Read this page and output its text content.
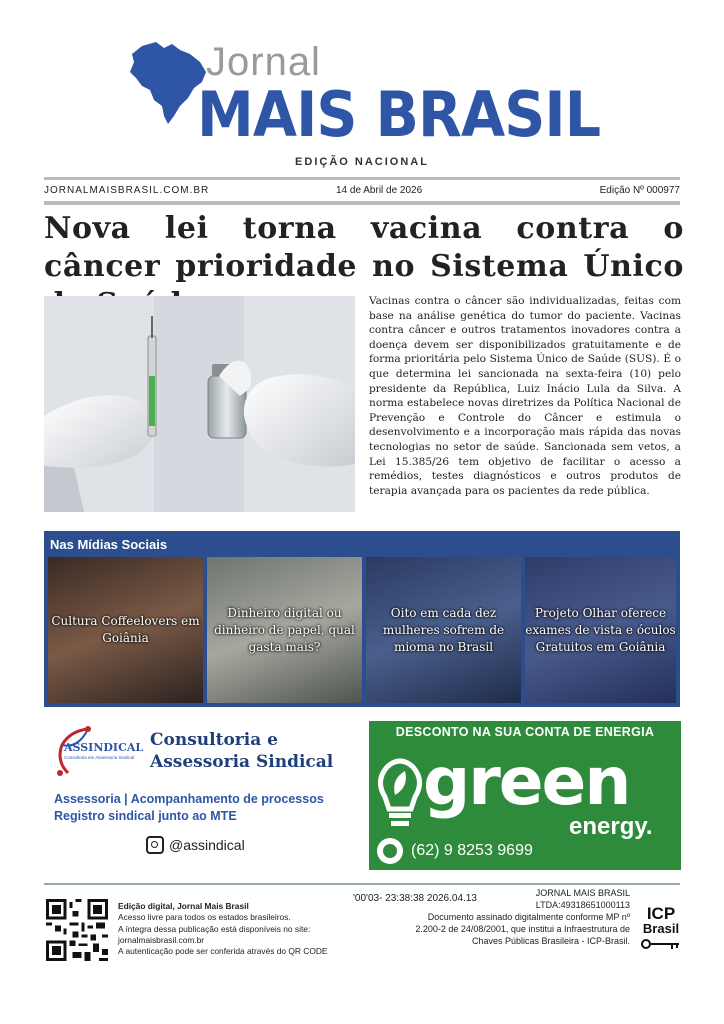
Jornal
MAIS BRASIL
EDIÇÃO NACIONAL
JORNALMAISBRASIL.COM.BR	14 de Abril de 2026	Edição Nº 000977
Nova lei torna vacina contra o câncer prioridade no Sistema Único
Vacinas contra o câncer são individualizadas, feitas com base na análise genética do tumor do paciente. Vacinas contra câncer e outros tratamentos inovadores contra a doença devem ser disponibilizados gratuitamente e de forma prioritária pelo Sistema Único de Saúde (SUS). É o que determina lei sancionada na sexta-feira (10) pelo presidente da República, Luiz Inácio Lula da Silva. A norma estabelece novas diretrizes da Política Nacional de Prevenção e Controle do Câncer e estimula o desenvolvimento e a incorporação mais rápida das novas tecnologias no setor de saúde. Sancionada sem vetos, a Lei 15.385/26 tem objetivo de facilitar o acesso a remédios, testes diagnósticos e outros produtos de terapia avançada para os pacientes da rede pública.
Nas Mídias Sociais
Cultura Coffeelovers em Goiânia
Dinheiro digital ou dinheiro de papel, qual gasta mais?
Oito em cada dez mulheres sofrem de mioma no Brasil
Projeto Olhar oferece exames de vista e óculos Gratuitos em Goiânia
ASSINDICAL
Consultoria em Assessoria Sindical
Consultoria e
Assessoria Sindical
Assessoria | Acompanhamento de processos
Registro sindical junto ao MTE
@assindical
DESCONTO NA SUA CONTA DE ENERGIA
green
energy.
(62) 9 8253 9699
Edição digital, Jornal Mais Brasil
Acesso livre para todos os estados brasileiros.
A íntegra dessa publicação está disponíveis no site:
jornalmaisbrasil.com.br
A autenticação pode ser conferida através do QR CODE
'00'03- 23:38:38 2026.04.13	JORNAL MAIS BRASIL
LTDA:49318651000113
Documento assinado digitalmente conforme MP nº
2.200-2 de 24/08/2001, que institui a Infraestrutura de
Chaves Públicas Brasileira - ICP-Brasil.
ICP
Brasil
